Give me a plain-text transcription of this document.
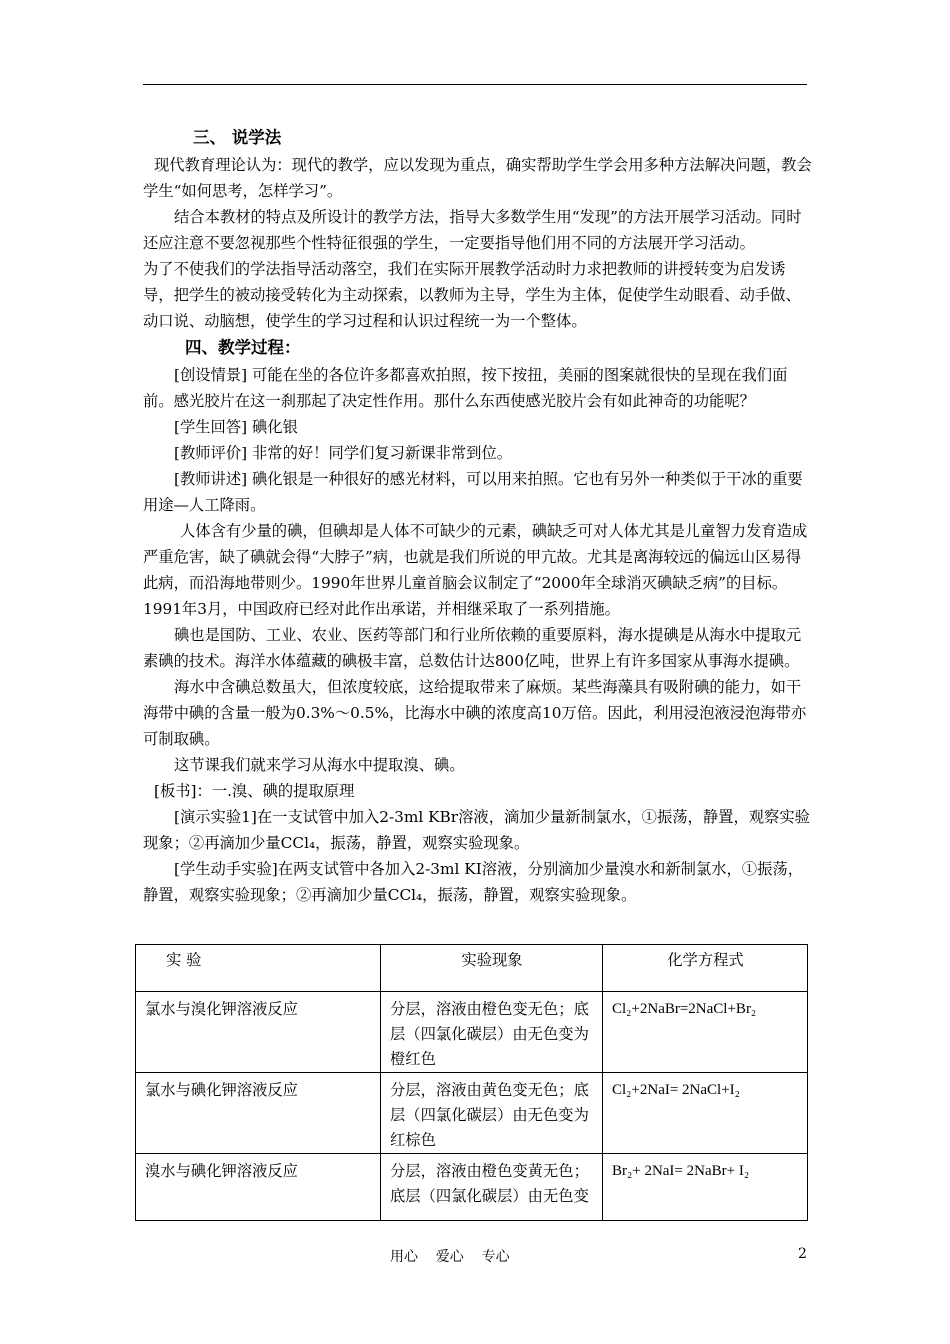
三、 说学法

现代教育理论认为：现代的教学，应以发现为重点，确实帮助学生学会用多种方法解决问题，教会学生“如何思考，怎样学习”。

结合本教材的特点及所设计的教学方法，指导大多数学生用“发现”的方法开展学习活动。同时还应注意不要忽视那些个性特征很强的学生，一定要指导他们用不同的方法展开学习活动。

为了不使我们的学法指导活动落空，我们在实际开展教学活动时力求把教师的讲授转变为启发诱导，把学生的被动接受转化为主动探索，以教师为主导，学生为主体，促使学生动眼看、动手做、动口说、动脑想，使学生的学习过程和认识过程统一为一个整体。

四、教学过程：

[创设情景] 可能在坐的各位许多都喜欢拍照，按下按扭，美丽的图案就很快的呈现在我们面前。感光胶片在这一刹那起了决定性作用。那什么东西使感光胶片会有如此神奇的功能呢？

[学生回答] 碘化银

[教师评价] 非常的好！同学们复习新课非常到位。

[教师讲述] 碘化银是一种很好的感光材料，可以用来拍照。它也有另外一种类似于干冰的重要用途—人工降雨。

人体含有少量的碘，但碘却是人体不可缺少的元素，碘缺乏可对人体尤其是儿童智力发育造成严重危害，缺了碘就会得“大脖子”病，也就是我们所说的甲亢故。尤其是离海较远的偏远山区易得此病，而沿海地带则少。1990年世界儿童首脑会议制定了“2000年全球消灭碘缺乏病”的目标。1991年3月，中国政府已经对此作出承诺，并相继采取了一系列措施。

碘也是国防、工业、农业、医药等部门和行业所依赖的重要原料，海水提碘是从海水中提取元素碘的技术。海洋水体蕴藏的碘极丰富，总数估计达800亿吨，世界上有许多国家从事海水提碘。

海水中含碘总数虽大，但浓度较底，这给提取带来了麻烦。某些海藻具有吸附碘的能力，如干海带中碘的含量一般为0.3%～0.5%，比海水中碘的浓度高10万倍。因此，利用浸泡液浸泡海带亦可制取碘。

这节课我们就来学习从海水中提取溴、碘。

[板书]：一.溴、碘的提取原理

[演示实验1]在一支试管中加入2-3ml KBr溶液，滴加少量新制氯水，①振荡，静置，观察实验现象；②再滴加少量CCl₄，振荡，静置，观察实验现象。

[学生动手实验]在两支试管中各加入2-3ml KI溶液，分别滴加少量溴水和新制氯水，①振荡，静置，观察实验现象；②再滴加少量CCl₄，振荡，静置，观察实验现象。

实 验	实验现象	化学方程式
氯水与溴化钾溶液反应	分层，溶液由橙色变无色；底层（四氯化碳层）由无色变为橙红色	Cl₂+2NaBr=2NaCl+Br₂
氯水与碘化钾溶液反应	分层，溶液由黄色变无色；底层（四氯化碳层）由无色变为红棕色	Cl₂+2NaI= 2NaCl+I₂
溴水与碘化钾溶液反应	分层，溶液由橙色变黄无色；底层（四氯化碳层）由无色变	Br₂+ 2NaI= 2NaBr+ I₂
用心    爱心    专心	2
